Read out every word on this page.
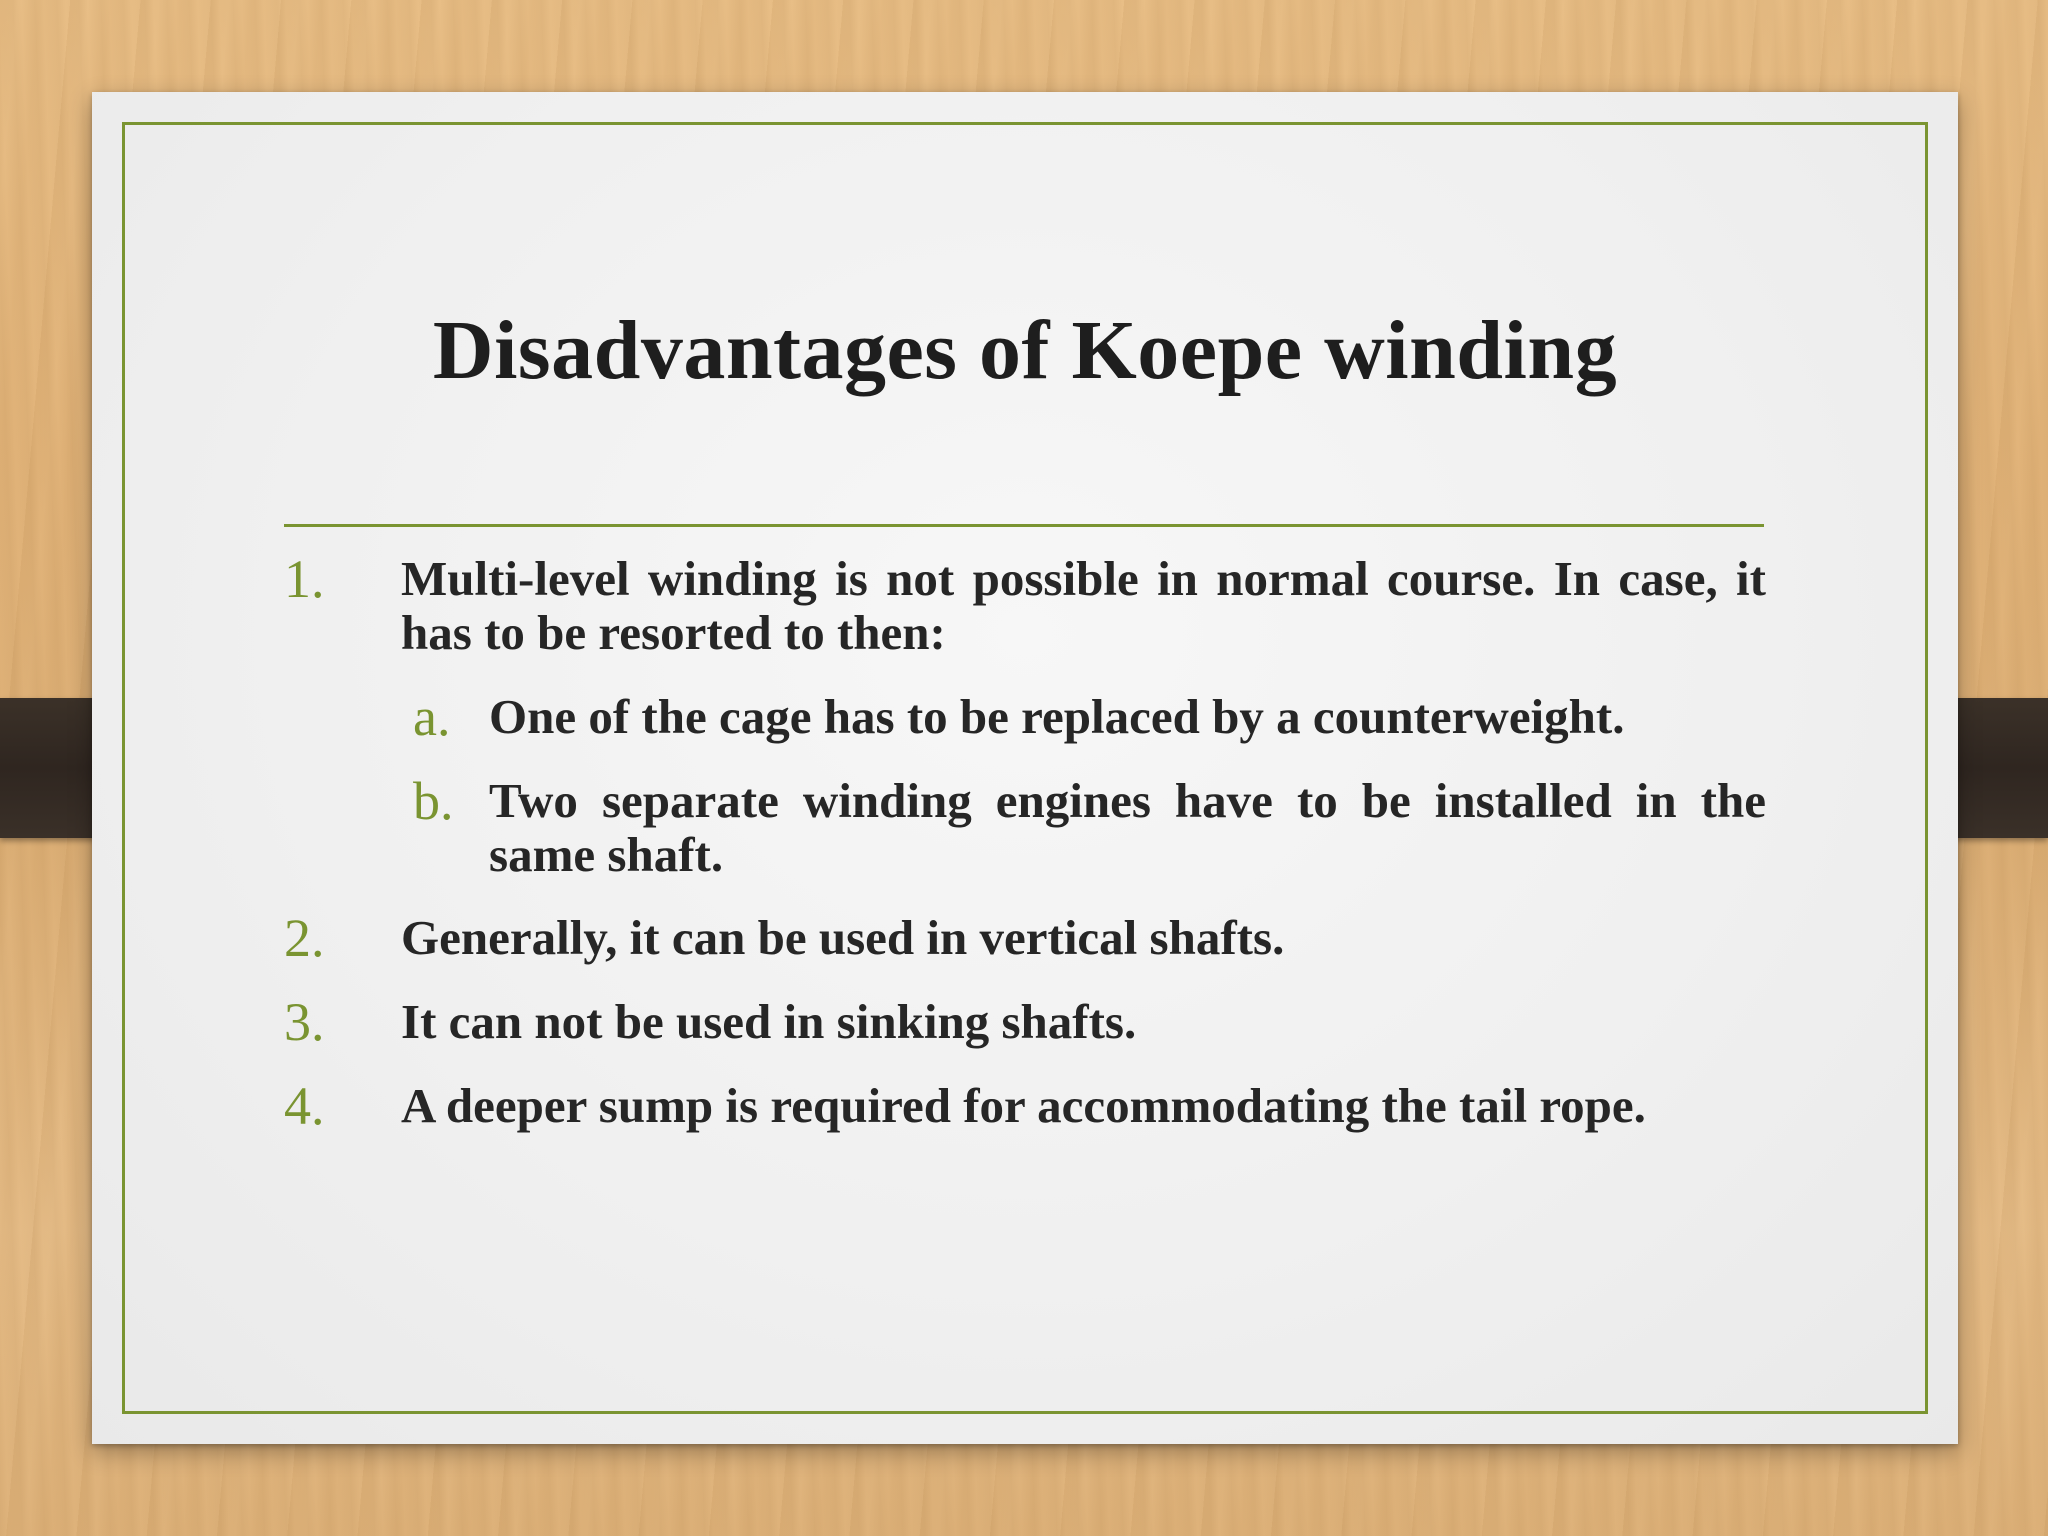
Disadvantages of Koepe winding
1. Multi-level winding is not possible in normal course. In case, it has to be resorted to then:
a. One of the cage has to be replaced by a counterweight.
b. Two separate winding engines have to be installed in the same shaft.
2. Generally, it can be used in vertical shafts.
3. It can not be used in sinking shafts.
4. A deeper sump is required for accommodating the tail rope.
